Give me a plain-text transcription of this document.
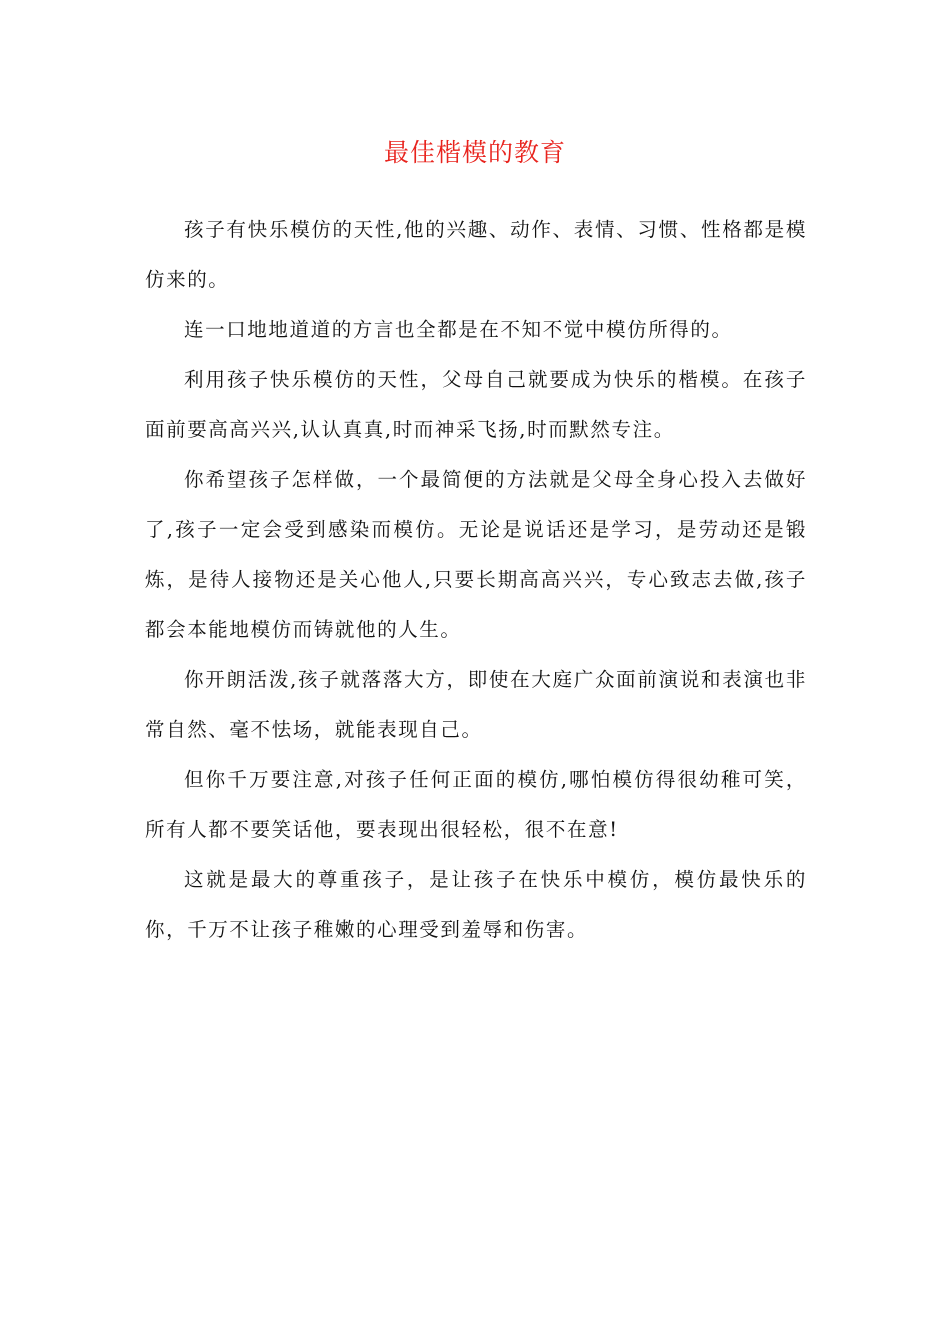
最佳楷模的教育

孩子有快乐模仿的天性,他的兴趣、动作、表情、习惯、性格都是模仿来的。

连一口地地道道的方言也全都是在不知不觉中模仿所得的。

利用孩子快乐模仿的天性，父母自己就要成为快乐的楷模。在孩子面前要高高兴兴,认认真真,时而神采飞扬,时而默然专注。

你希望孩子怎样做，一个最简便的方法就是父母全身心投入去做好了,孩子一定会受到感染而模仿。无论是说话还是学习，是劳动还是锻炼，是待人接物还是关心他人,只要长期高高兴兴，专心致志去做,孩子都会本能地模仿而铸就他的人生。

你开朗活泼,孩子就落落大方，即使在大庭广众面前演说和表演也非常自然、毫不怯场，就能表现自己。

但你千万要注意,对孩子任何正面的模仿,哪怕模仿得很幼稚可笑，所有人都不要笑话他，要表现出很轻松，很不在意!

这就是最大的尊重孩子，是让孩子在快乐中模仿，模仿最快乐的你，千万不让孩子稚嫩的心理受到羞辱和伤害。
